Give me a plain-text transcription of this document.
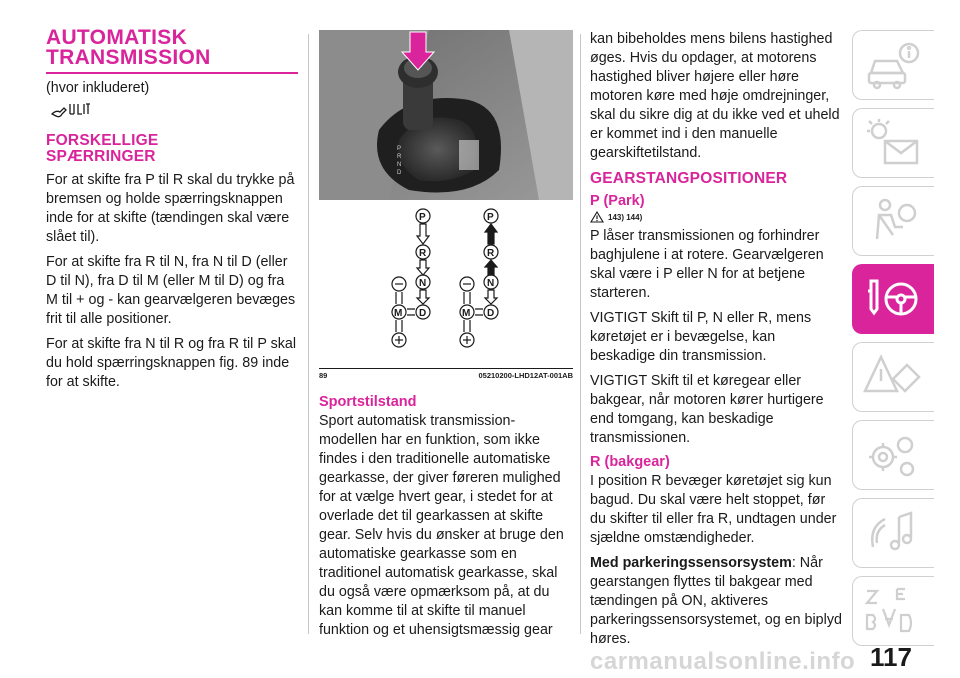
AUTOMATISK
TRANSMISSION
(hvor inkluderet)
FORSKELLIGE
SPÆRRINGER

For at skifte fra P til R skal du trykke på bremsen og holde spærringsknappen inde for at skifte (tændingen skal være slået til).

For at skifte fra R til N, fra N til D (eller D til N), fra D til M (eller M til D) og fra M til + og - kan gearvælgeren bevæges frit til alle positioner.

For at skifte fra N til R og fra R til P skal du hold spærringsknappen fig. 89 inde for at skifte.

P
R
N
D
P
R
N
M D
P
R
N
M D
89	05210200-LHD12AT-001AB
Sportstilstand

Sport automatisk transmission-modellen har en funktion, som ikke findes i den traditionelle automatiske gearkasse, der giver føreren mulighed for at vælge hvert gear, i stedet for at overlade det til gearkassen at skifte gear. Selv hvis du ønsker at bruge den automatiske gearkasse som en traditionel automatisk gearkasse, skal du også være opmærksom på, at du kan komme til at skifte til manuel funktion og et uhensigtsmæssig gear

kan bibeholdes mens bilens hastighed øges. Hvis du opdager, at motorens hastighed bliver højere eller høre motoren køre med høje omdrejninger, skal du sikre dig at du ikke ved et uheld er kommet ind i den manuelle gearskiftetilstand.

GEARSTANGPOSITIONER
P (Park)
143) 144)

P låser transmissionen og forhindrer baghjulene i at rotere. Gearvælgeren skal være i P eller N for at betjene starteren.

VIGTIGT Skift til P, N eller R, mens køretøjet er i bevægelse, kan beskadige din transmission.

VIGTIGT Skift til et køregear eller bakgear, når motoren kører hurtigere end tomgang, kan beskadige transmissionen.

R (bakgear)

I position R bevæger køretøjet sig kun bagud. Du skal være helt stoppet, før du skifter til eller fra R, undtagen under sjældne omstændigheder.

Med parkeringssensorsystem: Når gearstangen flyttes til bakgear med tændingen på ON, aktiveres parkeringssensorsystemet, og en biplyd høres.

117
carmanualsonline.info
